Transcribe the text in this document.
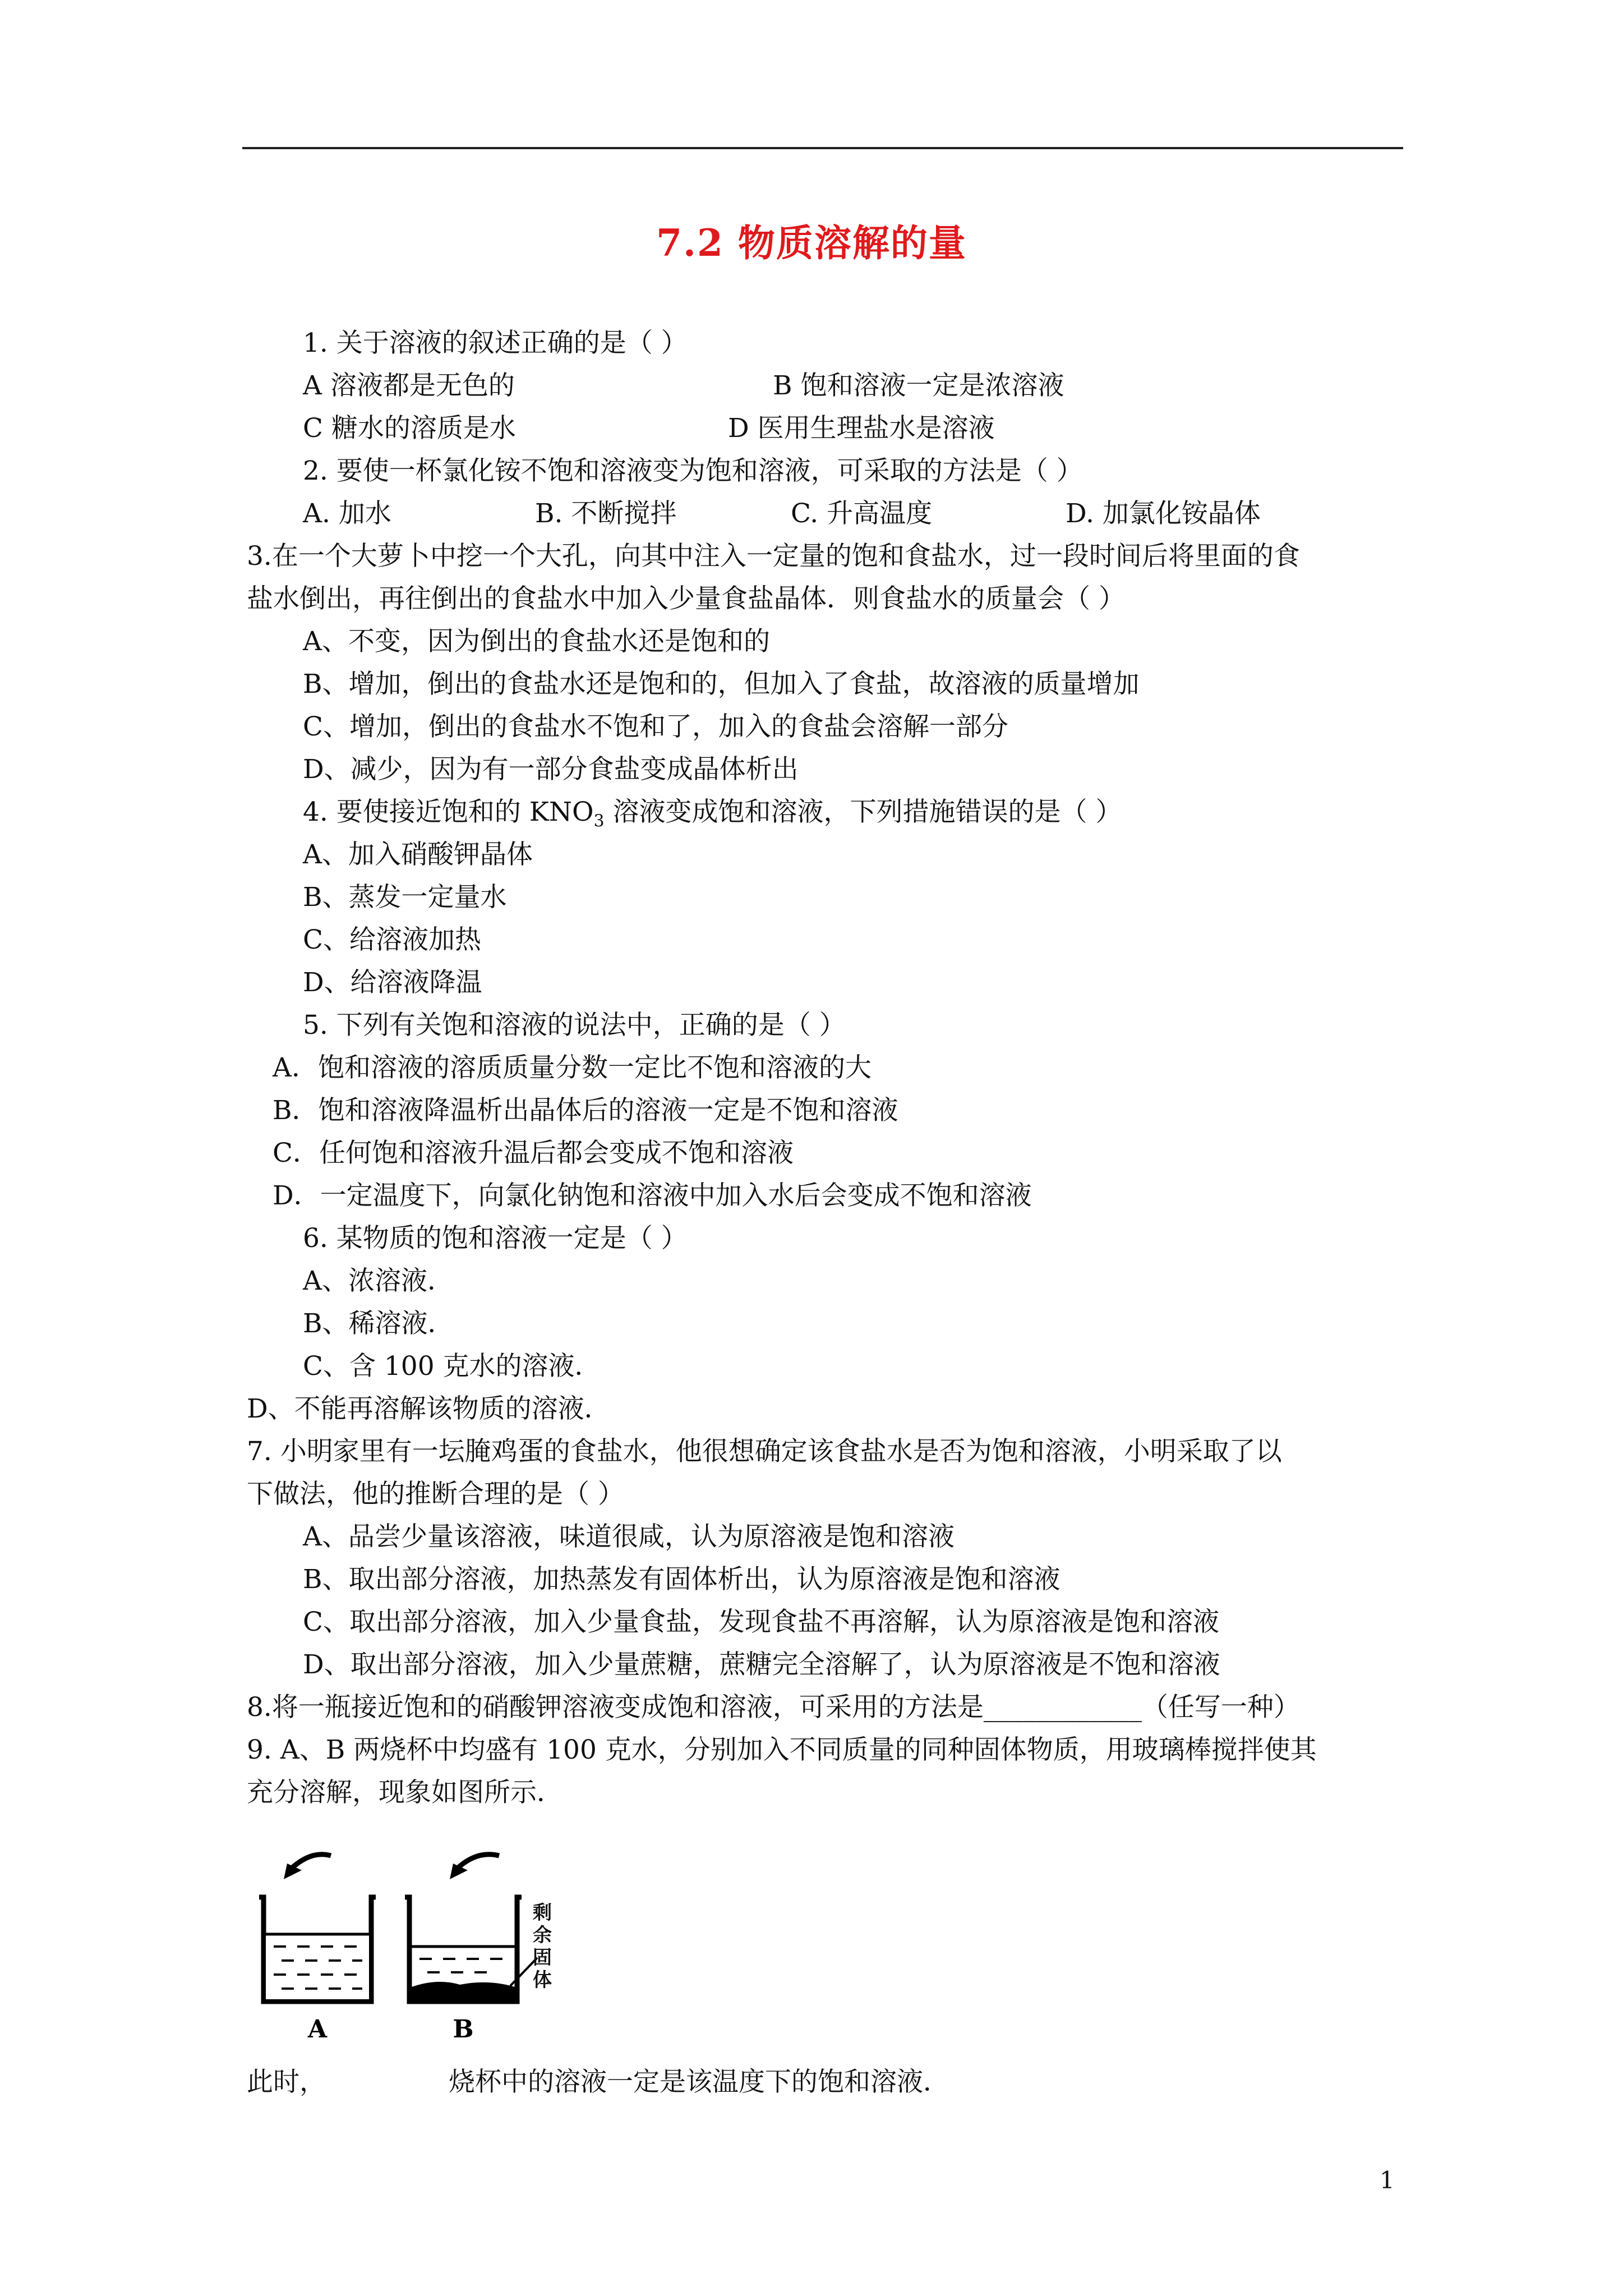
7.2 物质溶解的量
1. 关于溶液的叙述正确的是（ ）
A 溶液都是无色的	B 饱和溶液一定是浓溶液
C 糖水的溶质是水	D 医用生理盐水是溶液
2. 要使一杯氯化铵不饱和溶液变为饱和溶液，可采取的方法是（ ）
A. 加水	B. 不断搅拌	C. 升高温度	D. 加氯化铵晶体
3.在一个大萝卜中挖一个大孔，向其中注入一定量的饱和食盐水，过一段时间后将里面的食
盐水倒出，再往倒出的食盐水中加入少量食盐晶体．则食盐水的质量会（ ）
A、不变，因为倒出的食盐水还是饱和的
B、增加，倒出的食盐水还是饱和的，但加入了食盐，故溶液的质量增加
C、增加，倒出的食盐水不饱和了，加入的食盐会溶解一部分
D、减少，因为有一部分食盐变成晶体析出
4. 要使接近饱和的 $KNO_3$ 溶液变成饱和溶液，下列措施错误的是（ ）
A、加入硝酸钾晶体
B、蒸发一定量水
C、给溶液加热
D、给溶液降温
5. 下列有关饱和溶液的说法中，正确的是（ ）
A．饱和溶液的溶质质量分数一定比不饱和溶液的大
B．饱和溶液降温析出晶体后的溶液一定是不饱和溶液
C．任何饱和溶液升温后都会变成不饱和溶液
D．一定温度下，向氯化钠饱和溶液中加入水后会变成不饱和溶液
6. 某物质的饱和溶液一定是（ ）
A、浓溶液．
B、稀溶液．
C、含 100 克水的溶液．
D、不能再溶解该物质的溶液．
7. 小明家里有一坛腌鸡蛋的食盐水，他很想确定该食盐水是否为饱和溶液，小明采取了以
下做法，他的推断合理的是（ ）
A、品尝少量该溶液，味道很咸，认为原溶液是饱和溶液
B、取出部分溶液，加热蒸发有固体析出，认为原溶液是饱和溶液
C、取出部分溶液，加入少量食盐，发现食盐不再溶解，认为原溶液是饱和溶液
D、取出部分溶液，加入少量蔗糖，蔗糖完全溶解了，认为原溶液是不饱和溶液
8.将一瓶接近饱和的硝酸钾溶液变成饱和溶液，可采用的方法是____________（任写一种）
9. A、B 两烧杯中均盛有 100 克水，分别加入不同质量的同种固体物质，用玻璃棒搅拌使其
充分溶解，现象如图所示．
A	B
剩余固体
此时，	烧杯中的溶液一定是该温度下的饱和溶液．
1
